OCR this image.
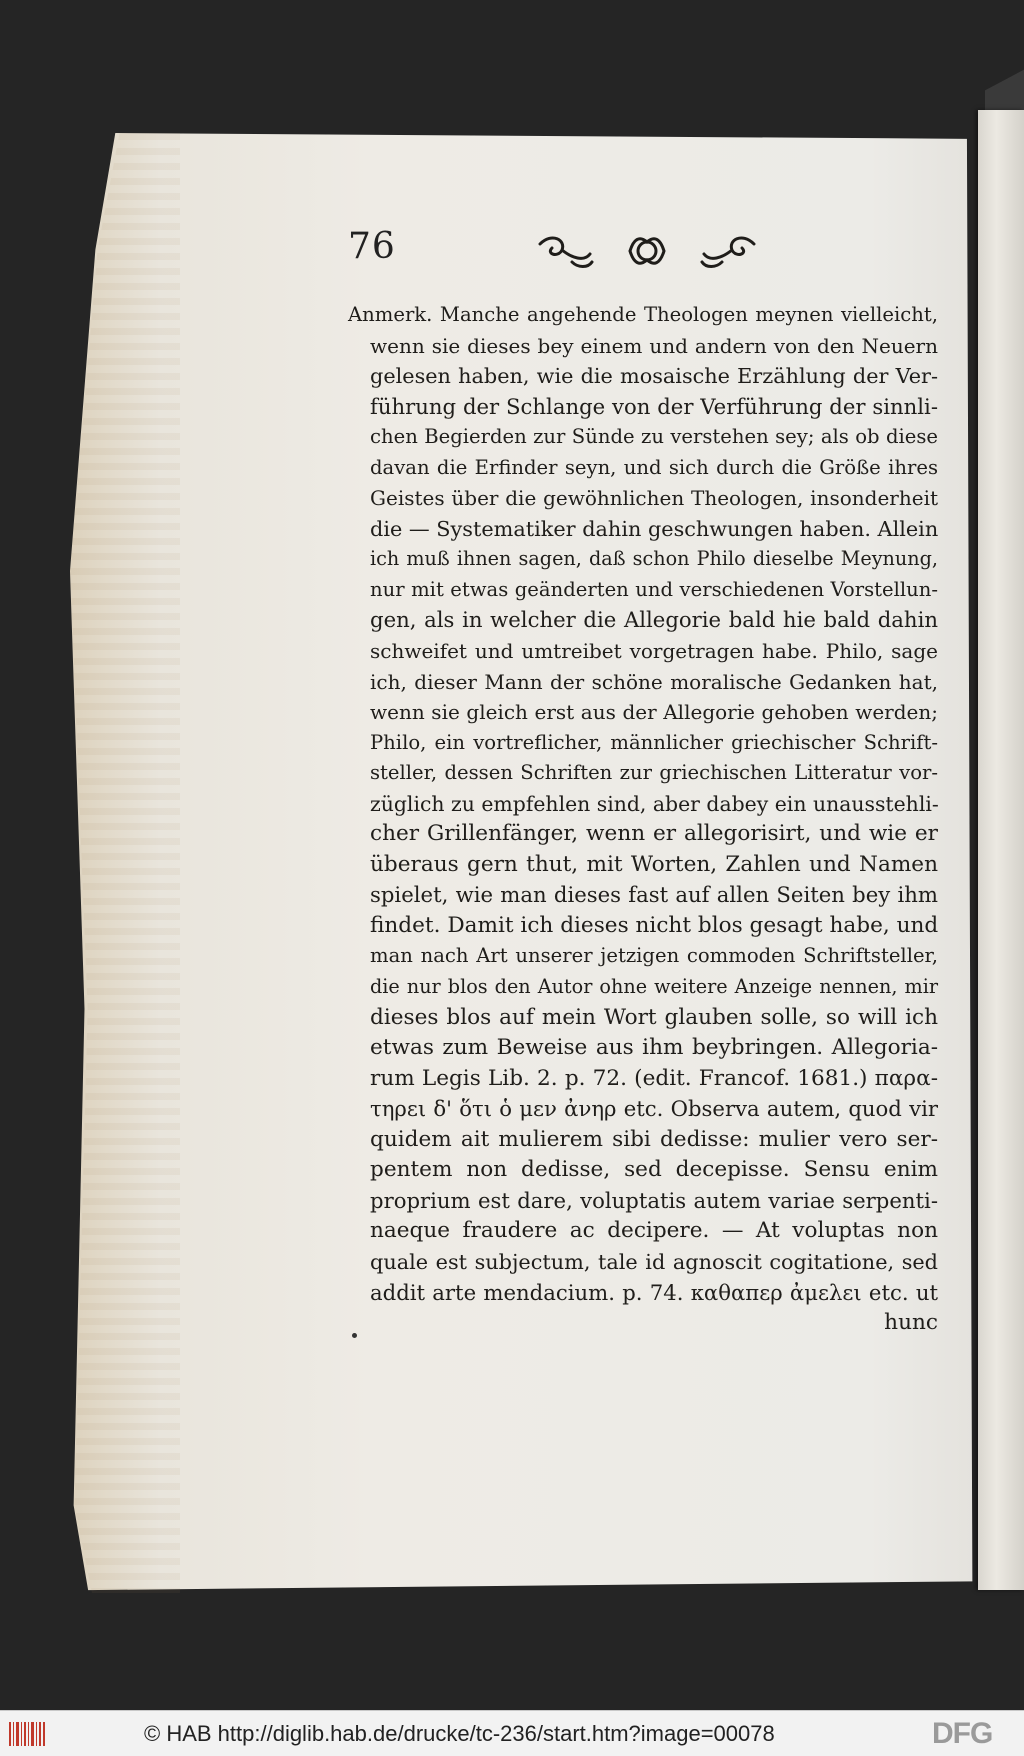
76
Anmerk. Manche angehende Theologen meynen vielleicht,
wenn sie dieses bey einem und andern von den Neuern
gelesen haben, wie die mosaische Erzählung der Ver-
führung der Schlange von der Verführung der sinnli-
chen Begierden zur Sünde zu verstehen sey; als ob diese
davan die Erfinder seyn, und sich durch die Größe ihres
Geistes über die gewöhnlichen Theologen, insonderheit
die — Systematiker dahin geschwungen haben. Allein
ich muß ihnen sagen, daß schon Philo dieselbe Meynung,
nur mit etwas geänderten und verschiedenen Vorstellun-
gen, als in welcher die Allegorie bald hie bald dahin
schweifet und umtreibet vorgetragen habe. Philo, sage
ich, dieser Mann der schöne moralische Gedanken hat,
wenn sie gleich erst aus der Allegorie gehoben werden;
Philo, ein vortreflicher, männlicher griechischer Schrift-
steller, dessen Schriften zur griechischen Litteratur vor-
züglich zu empfehlen sind, aber dabey ein unausstehli-
cher Grillenfänger, wenn er allegorisirt, und wie er
überaus gern thut, mit Worten, Zahlen und Namen
spielet, wie man dieses fast auf allen Seiten bey ihm
findet. Damit ich dieses nicht blos gesagt habe, und
man nach Art unserer jetzigen commoden Schriftsteller,
die nur blos den Autor ohne weitere Anzeige nennen, mir
dieses blos auf mein Wort glauben solle, so will ich
etwas zum Beweise aus ihm beybringen. Allegoria-
rum Legis Lib. 2. p. 72. (edit. Francof. 1681.) παρα-
τηρει δ' ὅτι ὁ μεν ἀνηρ etc. Observa autem, quod vir
quidem ait mulierem sibi dedisse: mulier vero ser-
pentem non dedisse, sed decepisse. Sensu enim
proprium est dare, voluptatis autem variae serpenti-
naeque fraudere ac decipere. — At voluptas non
quale est subjectum, tale id agnoscit cogitatione, sed
addit arte mendacium. p. 74. καθαπερ ἀμελει etc. ut
hunc
© HAB http://diglib.hab.de/drucke/tc-236/start.htm?image=00078	DFG
